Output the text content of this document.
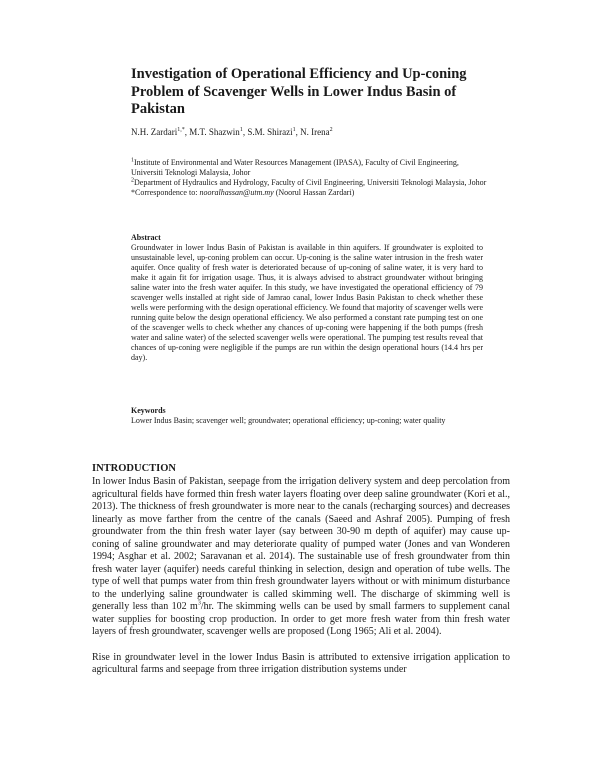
Investigation of Operational Efficiency and Up-coning Problem of Scavenger Wells in Lower Indus Basin of Pakistan
N.H. Zardari$^{1,*}$, M.T. Shazwin$^1$, S.M. Shirazi$^1$, N. Irena$^2$

$^1$Institute of Environmental and Water Resources Management (IPASA), Faculty of Civil Engineering, Universiti Teknologi Malaysia, Johor

$^2$Department of Hydraulics and Hydrology, Faculty of Civil Engineering, Universiti Teknologi Malaysia, Johor

*Correspondence to: nooralhassan@utm.my (Noorul Hassan Zardari)

Abstract

Groundwater in lower Indus Basin of Pakistan is available in thin aquifers. If groundwater is exploited to unsustainable level, up-coning problem can occur. Up-coning is the saline water intrusion in the fresh water aquifer. Once quality of fresh water is deteriorated because of up-coning of saline water, it is very hard to make it again fit for irrigation usage. Thus, it is always advised to abstract groundwater without bringing saline water into the fresh water aquifer. In this study, we have investigated the operational efficiency of 79 scavenger wells installed at right side of Jamrao canal, lower Indus Basin Pakistan to check whether these wells were performing with the design operational efficiency. We found that majority of scavenger wells were running quite below the design operational efficiency. We also performed a constant rate pumping test on one of the scavenger wells to check whether any chances of up-coning were happening if the both pumps (fresh water and saline water) of the selected scavenger wells were operational. The pumping test results reveal that chances of up-coning were negligible if the pumps are run within the design operational hours (14.4 hrs per day).

Keywords

Lower Indus Basin; scavenger well; groundwater; operational efficiency; up-coning; water quality

INTRODUCTION

In lower Indus Basin of Pakistan, seepage from the irrigation delivery system and deep percolation from agricultural fields have formed thin fresh water layers floating over deep saline groundwater (Kori et al., 2013). The thickness of fresh groundwater is more near to the canals (recharging sources) and decreases linearly as move farther from the centre of the canals (Saeed and Ashraf 2005). Pumping of fresh groundwater from the thin fresh water layer (say between 30-90 m depth of aquifer) may cause up-coning of saline groundwater and may deteriorate quality of pumped water (Jones and van Wonderen 1994; Asghar et al. 2002; Saravanan et al. 2014). The sustainable use of fresh groundwater from thin fresh water layer (aquifer) needs careful thinking in selection, design and operation of tube wells. The type of well that pumps water from thin fresh groundwater layers without or with minimum disturbance to the underlying saline groundwater is called skimming well. The discharge of skimming well is generally less than 102 $m^3/hr$. The skimming wells can be used by small farmers to supplement canal water supplies for boosting crop production. In order to get more fresh water from thin fresh water layers of fresh groundwater, scavenger wells are proposed (Long 1965; Ali et al. 2004).

Rise in groundwater level in the lower Indus Basin is attributed to extensive irrigation application to agricultural farms and seepage from three irrigation distribution systems under
